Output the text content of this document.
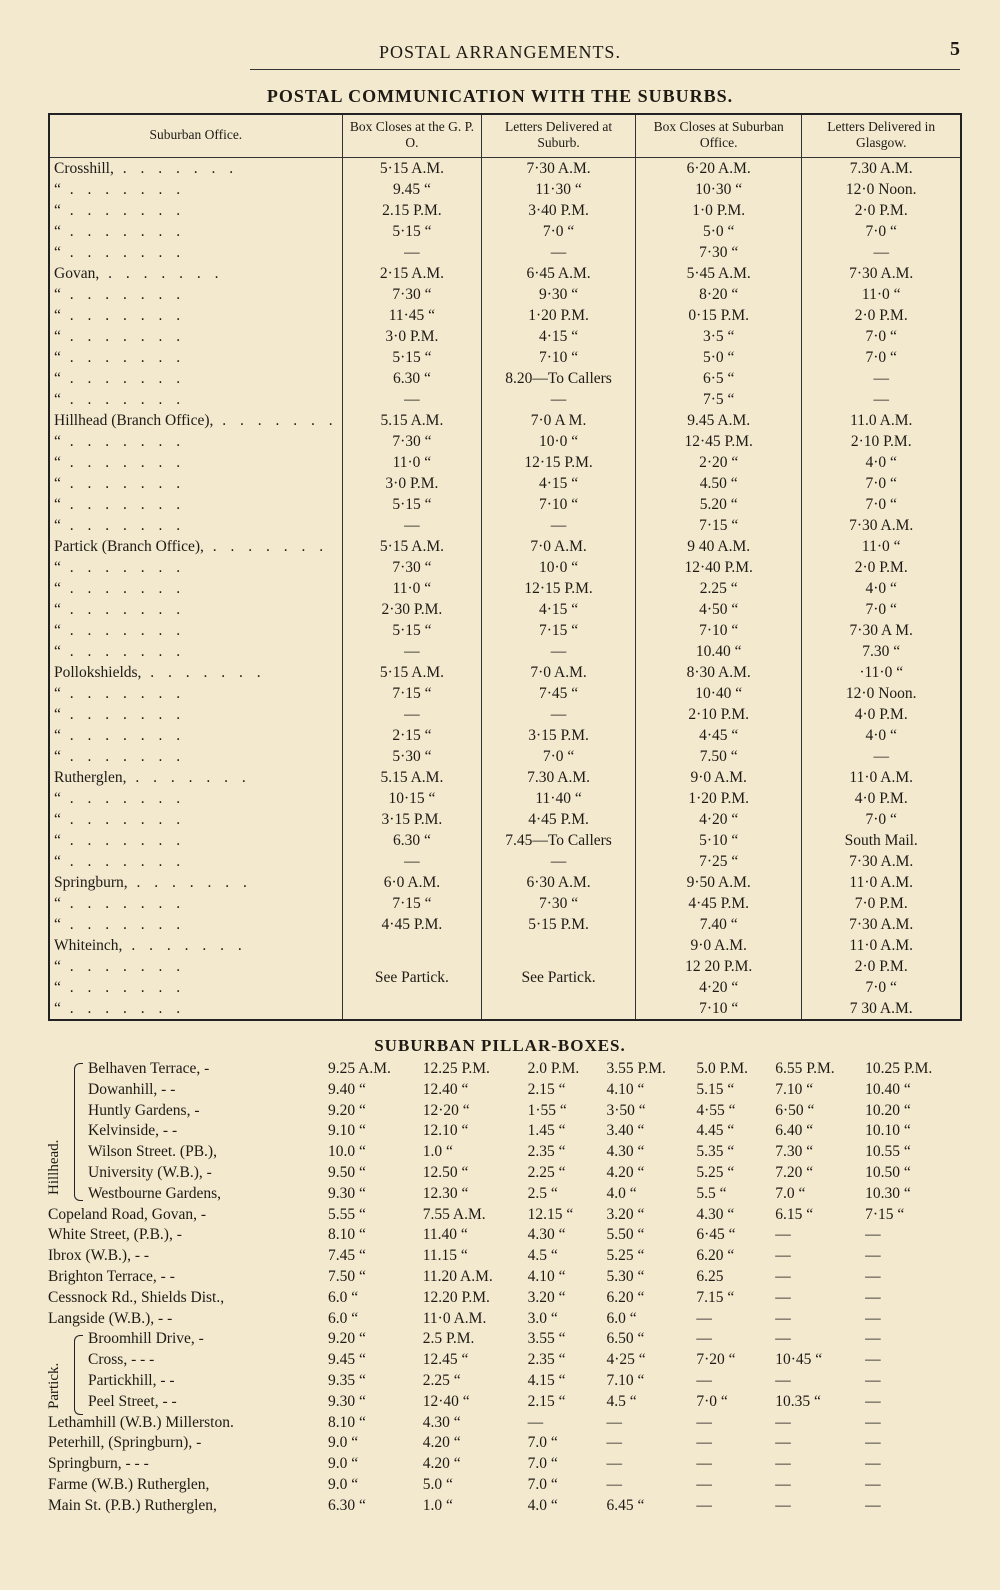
POSTAL ARRANGEMENTS.	5
POSTAL COMMUNICATION WITH THE SUBURBS.
Suburban Office.	Box Closes at the G. P. O.	Letters Delivered at Suburb.	Box Closes at Suburban Office.	Letters Delivered in Glasgow.
Crosshill, . . . . . . .	5·15 A.M.	7·30 A.M.	6·20 A.M.	7.30 A.M.
“ . . . . . . .	9.45 “	11·30 “	10·30 “	12·0 Noon.
“ . . . . . . .	2.15 P.M.	3·40 P.M.	1·0 P.M.	2·0 P.M.
“ . . . . . . .	5·15 “	7·0 “	5·0 “	7·0 “
“ . . . . . . .	—	—	7·30 “	—
Govan, . . . . . . .	2·15 A.M.	6·45 A.M.	5·45 A.M.	7·30 A.M.
“ . . . . . . .	7·30 “	9·30 “	8·20 “	11·0 “
“ . . . . . . .	11·45 “	1·20 P.M.	0·15 P.M.	2·0 P.M.
“ . . . . . . .	3·0 P.M.	4·15 “	3·5 “	7·0 “
“ . . . . . . .	5·15 “	7·10 “	5·0 “	7·0 “
“ . . . . . . .	6.30 “	8.20—To Callers	6·5 “	—
“ . . . . . . .	—	—	7·5 “	—
Hillhead (Branch Office), . . . . . . .	5.15 A.M.	7·0 A M.	9.45 A.M.	11.0 A.M.
“ . . . . . . .	7·30 “	10·0 “	12·45 P.M.	2·10 P.M.
“ . . . . . . .	11·0 “	12·15 P.M.	2·20 “	4·0 “
“ . . . . . . .	3·0 P.M.	4·15 “	4.50 “	7·0 “
“ . . . . . . .	5·15 “	7·10 “	5.20 “	7·0 “
“ . . . . . . .	—	—	7·15 “	7·30 A.M.
Partick (Branch Office), . . . . . . .	5·15 A.M.	7·0 A.M.	9 40 A.M.	11·0 “
“ . . . . . . .	7·30 “	10·0 “	12·40 P.M.	2·0 P.M.
“ . . . . . . .	11·0 “	12·15 P.M.	2.25 “	4·0 “
“ . . . . . . .	2·30 P.M.	4·15 “	4·50 “	7·0 “
“ . . . . . . .	5·15 “	7·15 “	7·10 “	7·30 A M.
“ . . . . . . .	—	—	10.40 “	7.30 “
Pollokshields, . . . . . . .	5·15 A.M.	7·0 A.M.	8·30 A.M.	·11·0 “
“ . . . . . . .	7·15 “	7·45 “	10·40 “	12·0 Noon.
“ . . . . . . .	—	—	2·10 P.M.	4·0 P.M.
“ . . . . . . .	2·15 “	3·15 P.M.	4·45 “	4·0 “
“ . . . . . . .	5·30 “	7·0 “	7.50 “	—
Rutherglen, . . . . . . .	5.15 A.M.	7.30 A.M.	9·0 A.M.	11·0 A.M.
“ . . . . . . .	10·15 “	11·40 “	1·20 P.M.	4·0 P.M.
“ . . . . . . .	3·15 P.M.	4·45 P.M.	4·20 “	7·0 “
“ . . . . . . .	6.30 “	7.45—To Callers	5·10 “	South Mail.
“ . . . . . . .	—	—	7·25 “	7·30 A.M.
Springburn, . . . . . . .	6·0 A.M.	6·30 A.M.	9·50 A.M.	11·0 A.M.
“ . . . . . . .	7·15 “	7·30 “	4·45 P.M.	7·0 P.M.
“ . . . . . . .	4·45 P.M.	5·15 P.M.	7.40 “	7·30 A.M.
Whiteinch, . . . . . . .	See Partick.	See Partick.	9·0 A.M.	11·0 A.M.
“ . . . . . . .			12 20 P.M.	2·0 P.M.
“ . . . . . . .			4·20 “	7·0 “
“ . . . . . . .			7·10 “	7 30 A.M.
SUBURBAN PILLAR-BOXES.
Belhaven Terrace, -	9.25 A.M.	12.25 P.M.	2.0 P.M.	3.55 P.M.	5.0 P.M.	6.55 P.M.	10.25 P.M.
Dowanhill, - -	9.40 “	12.40 “	2.15 “	4.10 “	5.15 “	7.10 “	10.40 “
Huntly Gardens, -	9.20 “	12·20 “	1·55 “	3·50 “	4·55 “	6·50 “	10.20 “
Kelvinside, - -	9.10 “	12.10 “	1.45 “	3.40 “	4.45 “	6.40 “	10.10 “
Wilson Street. (PB.),	10.0 “	1.0 “	2.35 “	4.30 “	5.35 “	7.30 “	10.55 “
University (W.B.), -	9.50 “	12.50 “	2.25 “	4.20 “	5.25 “	7.20 “	10.50 “
Westbourne Gardens,	9.30 “	12.30 “	2.5 “	4.0 “	5.5 “	7.0 “	10.30 “
Copeland Road, Govan, -	5.55 “	7.55 A.M.	12.15 “	3.20 “	4.30 “	6.15 “	7·15 “
White Street, (P.B.), -	8.10 “	11.40 “	4.30 “	5.50 “	6·45 “	—	—
Ibrox (W.B.), - -	7.45 “	11.15 “	4.5 “	5.25 “	6.20 “	—	—
Brighton Terrace, - -	7.50 “	11.20 A.M.	4.10 “	5.30 “	6.25	—	—
Cessnock Rd., Shields Dist.,	6.0 “	12.20 P.M.	3.20 “	6.20 “	7.15 “	—	—
Langside (W.B.), - -	6.0 “	11·0 A.M.	3.0 “	6.0 “	—	—	—
Broomhill Drive, -	9.20 “	2.5 P.M.	3.55 “	6.50 “	—	—	—
Cross, - - -	9.45 “	12.45 “	2.35 “	4·25 “	7·20 “	10·45 “	—
Partickhill, - -	9.35 “	2.25 “	4.15 “	7.10 “	—	—	—
Peel Street, - -	9.30 “	12·40 “	2.15 “	4.5 “	7·0 “	10.35 “	—
Lethamhill (W.B.) Millerston.	8.10 “	4.30 “	—	—	—	—	—
Peterhill, (Springburn), -	9.0 “	4.20 “	7.0 “	—	—	—	—
Springburn, - - -	9.0 “	4.20 “	7.0 “	—	—	—	—
Farme (W.B.) Rutherglen,	9.0 “	5.0 “	7.0 “	—	—	—	—
Main St. (P.B.) Rutherglen,	6.30 “	1.0 “	4.0 “	6.45 “	—	—	—
Hillhead.
Partick.
